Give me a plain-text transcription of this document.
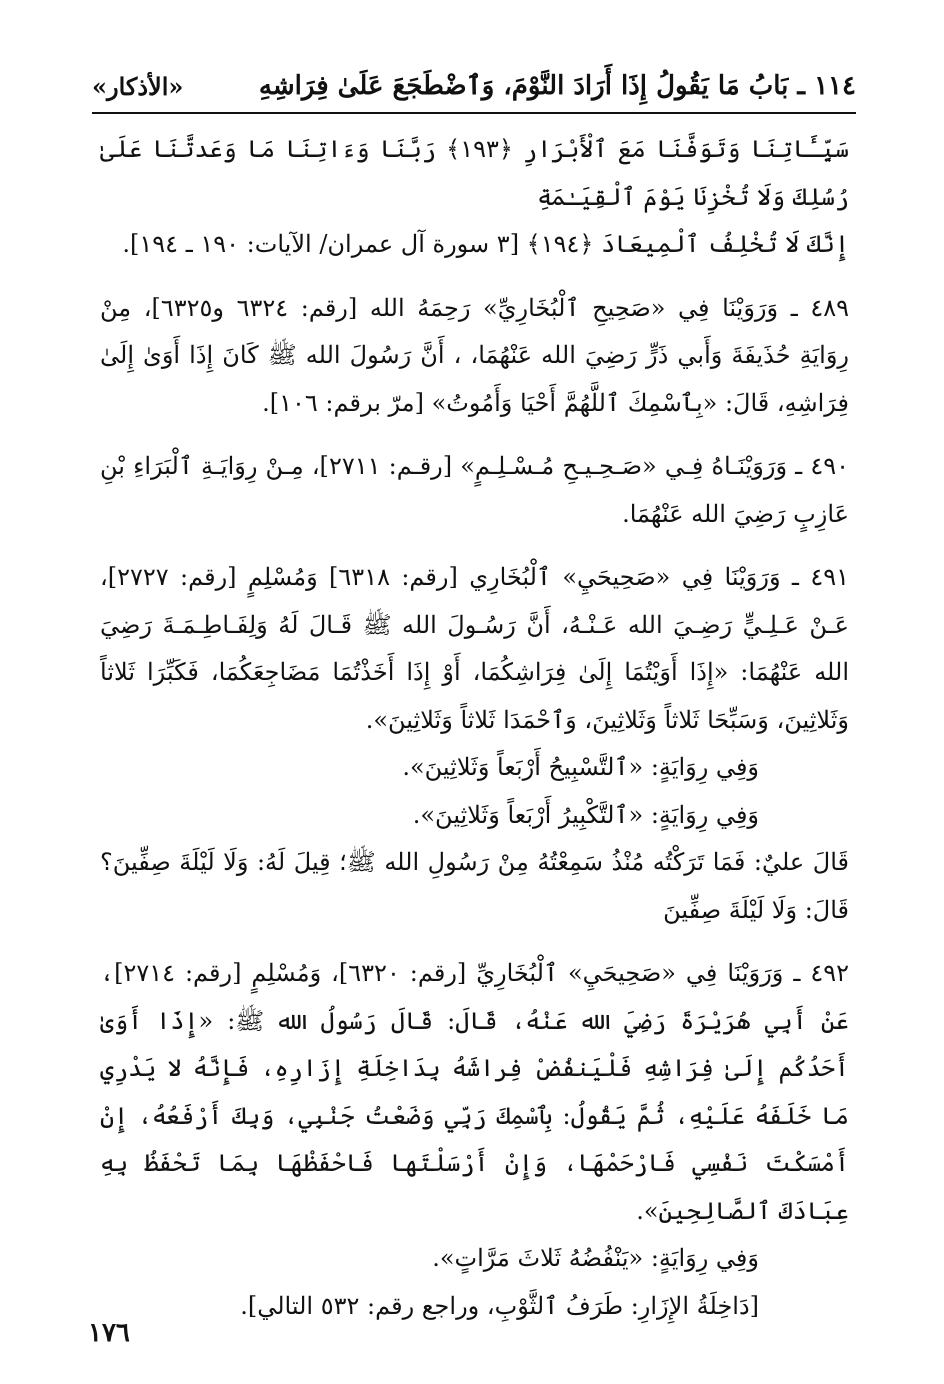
١١٤ ـ بَابُ مَا يَقُولُ إِذَا أَرَادَ النَّوْمَ، وَٱضْطَجَعَ عَلَىٰ فِرَاشِهِ
«الأذكار»

سَيِّـَٔاتِنَا وَتَوَفَّنَا مَعَ ٱلْأَبْرَارِ ﴿١٩٣﴾ رَبَّنَا وَءَاتِنَا مَا وَعَدتَّنَا عَلَىٰ رُسُلِكَ وَلَا تُخْزِنَا يَوْمَ ٱلْقِيَـٰمَةِ

إِنَّكَ لَا تُخْلِفُ ٱلْمِيعَادَ ﴿١٩٤﴾ [٣ سورة آل عمران/ الآيات: ١٩٠ ـ ١٩٤].

٤٨٩ ـ وَرَوَيْنَا فِي «صَحِيحِ ٱلْبُخَارِيِّ» رَحِمَهُ الله [رقم: ٦٣٢٤ و٦٣٢٥]، مِنْ رِوَايَةِ حُذَيفَةَ وَأَبي ذَرٍّ رَضِيَ الله عَنْهُمَا، ، أَنَّ رَسُولَ الله ﷺ كَانَ إِذَا أَوَىٰ إِلَىٰ فِرَاشِهِ، قَالَ: «بِٱسْمِكَ ٱللَّهُمَّ أَحْيَا وَأَمُوتُ» [مرّ برقم: ١٠٦].

٤٩٠ ـ وَرَوَيْنَـاهُ فِـي «صَـحِـيـحِ مُـسْـلِـمٍ» [رقـم: ٢٧١١]، مِـنْ رِوَايَـةِ ٱلْبَرَاءِ بْنِ عَازِبٍ رَضِيَ الله عَنْهُمَا.

٤٩١ ـ وَرَوَيْنَا فِي «صَحِيحَيِ» ٱلْبُخَارِي [رقم: ٦٣١٨] وَمُسْلِمٍ [رقم: ٢٧٢٧]، عَـنْ عَـلِـيٍّ رَضِـيَ الله عَـنْـهُ، أَنَّ رَسُـولَ الله ﷺ قَـالَ لَهُ وَلِفَـاطِـمَـةَ رَضِيَ الله عَنْهُمَا: «إِذَا أَوَيْتُمَا إِلَىٰ فِرَاشِكُمَا، أَوْ إِذَا أَخَذْتُمَا مَضَاجِعَكُمَا، فَكَبِّرَا ثَلاثاً وَثَلاثِينَ، وَسَبِّحَا ثَلاثاً وَثَلاثِينَ، وَٱحْمَدَا ثَلاثاً وَثَلاثِينَ».

وَفِي رِوَايَةٍ: «ٱلتَّسْبِيحُ أَرْبَعاً وَثَلاثِينَ».

وَفِي رِوَايَةٍ: «ٱلتَّكْبِيرُ أَرْبَعاً وَثَلاثِينَ».

قَالَ عليٌ: فَمَا تَرَكْتُه مُنْذُ سَمِعْتُهُ مِنْ رَسُولِ الله ﷺ؛ قِيلَ لَهُ: وَلَا لَيْلَةَ صِفِّينَ؟ قَالَ: وَلَا لَيْلَةَ صِفِّينَ

٤٩٢ ـ وَرَوَيْنَا فِي «صَحِيحَيِ» ٱلْبُخَارِيِّ [رقم: ٦٣٢٠]، وَمُسْلِمٍ [رقم: ٢٧١٤]، عَنْ أَبِي هُرَيْرَةَ رَضِيَ الله عَنْهُ، قَالَ: قَالَ رَسُولُ الله ﷺ: «إِذَا أَوَىٰ أَحَدُكُم إِلَىٰ فِرَاشِهِ فَلْيَنفُضْ فِراشَهُ بِدَاخِلَةِ إِزَارِهِ، فَإِنَّهُ لا يَدْرِي مَا خَلَفَهُ عَلَيْهِ، ثُمَّ يَقُولُ: بِٱسْمِكَ رَبِّي وَضَعْتُ جَنْبِي، وَبِكَ أَرْفَعُهُ، إِنْ أَمْسَكْتَ نَفْسِي فَارْحَمْهَا، وَإِنْ أَرْسَلْتَها فَاحْفَظْهَا بِمَا تَحْفَظُ بِهِ عِبَادَكَ ٱلصَّالِحِينَ».

وَفِي رِوَايَةٍ: «يَنْفُضُهُ ثَلاثَ مَرَّاتٍ».

[دَاخِلَةُ الإِزَارِ: طَرَفُ ٱلثَّوْبِ، وراجع رقم: ٥٣٢ التالي].

١٧٦
